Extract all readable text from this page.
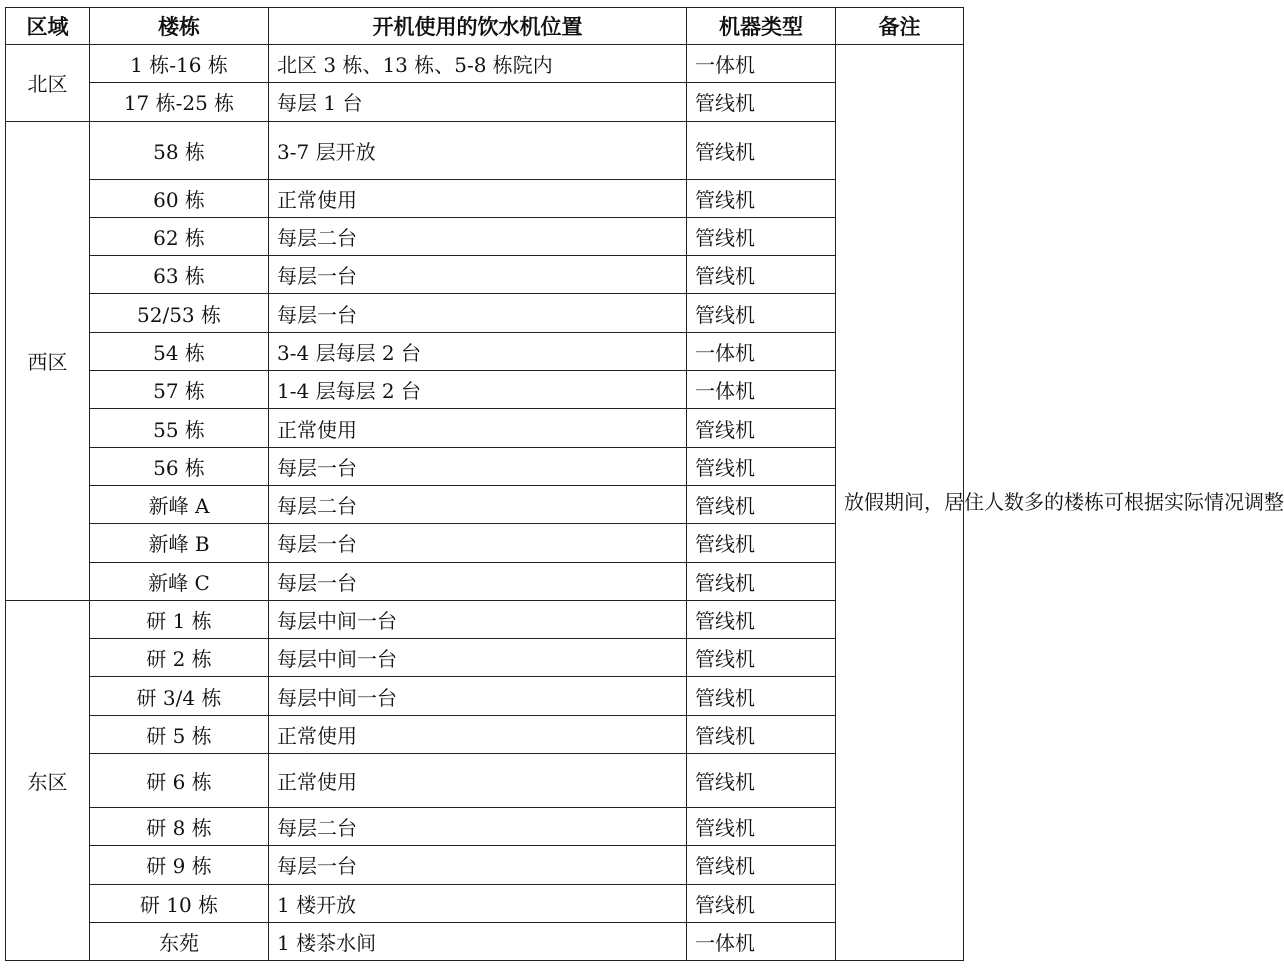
区域	楼栋	开机使用的饮水机位置	机器类型	备注
北区	1 栋-16 栋	北区 3 栋、13 栋、5-8 栋院内	一体机	放假期间，居住人数多的楼栋可根据实际情况调整
	17 栋-25 栋	每层 1 台	管线机	
西区	58 栋	3-7 层开放	管线机	
	60 栋	正常使用	管线机	
	62 栋	每层二台	管线机	
	63 栋	每层一台	管线机	
	52/53 栋	每层一台	管线机	
	54 栋	3-4 层每层 2 台	一体机	
	57 栋	1-4 层每层 2 台	一体机	
	55 栋	正常使用	管线机	
	56 栋	每层一台	管线机	
	新峰 A	每层二台	管线机	
	新峰 B	每层一台	管线机	
	新峰 C	每层一台	管线机	
东区	研 1 栋	每层中间一台	管线机	
	研 2 栋	每层中间一台	管线机	
	研 3/4 栋	每层中间一台	管线机	
	研 5 栋	正常使用	管线机	
	研 6 栋	正常使用	管线机	
	研 8 栋	每层二台	管线机	
	研 9 栋	每层一台	管线机	
	研 10 栋	1 楼开放	管线机	
	东苑	1 楼茶水间	一体机	
